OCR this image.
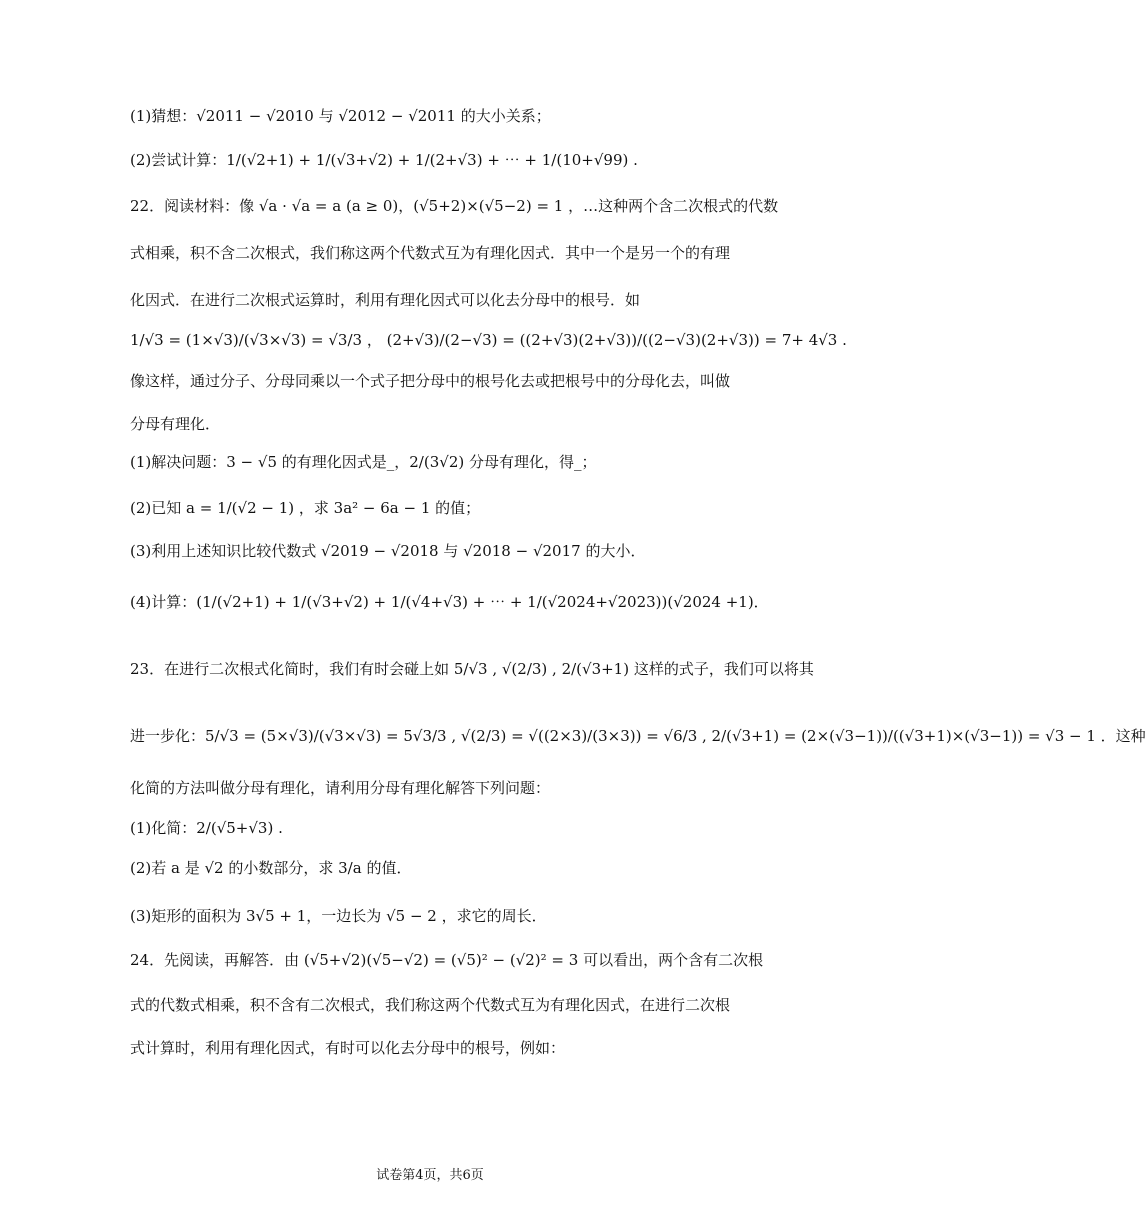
(1)猜想：√2011 − √2010 与 √2012 − √2011 的大小关系；
(2)尝试计算：1/(√2+1) + 1/(√3+√2) + 1/(2+√3) + ⋯ + 1/(10+√99) .
22．阅读材料：像 √a · √a = a (a ≥ 0)，(√5+2)×(√5−2) = 1 ，…这种两个含二次根式的代数
式相乘，积不含二次根式，我们称这两个代数式互为有理化因式．其中一个是另一个的有理
化因式．在进行二次根式运算时，利用有理化因式可以化去分母中的根号．如
1/√3 = (1×√3)/(√3×√3) = √3/3 ， (2+√3)/(2−√3) = ((2+√3)(2+√3))/((2−√3)(2+√3)) = 7+ 4√3 .
像这样，通过分子、分母同乘以一个式子把分母中的根号化去或把根号中的分母化去，叫做
分母有理化．
(1)解决问题：3 − √5 的有理化因式是_，2/(3√2) 分母有理化，得_；
(2)已知 a = 1/(√2 − 1) ，求 3a² − 6a − 1 的值；
(3)利用上述知识比较代数式 √2019 − √2018 与 √2018 − √2017 的大小．
(4)计算：(1/(√2+1) + 1/(√3+√2) + 1/(√4+√3) + ⋯ + 1/(√2024+√2023))(√2024 +1)．
23．在进行二次根式化简时，我们有时会碰上如 5/√3 , √(2/3) , 2/(√3+1) 这样的式子，我们可以将其
进一步化：5/√3 = (5×√3)/(√3×√3) = 5√3/3 , √(2/3) = √((2×3)/(3×3)) = √6/3 , 2/(√3+1) = (2×(√3−1))/((√3+1)×(√3−1)) = √3 − 1 ．这种
化简的方法叫做分母有理化，请利用分母有理化解答下列问题：
(1)化简：2/(√5+√3) .
(2)若 a 是 √2 的小数部分，求 3/a 的值．
(3)矩形的面积为 3√5 + 1，一边长为 √5 − 2 ，求它的周长．
24．先阅读，再解答．由 (√5+√2)(√5−√2) = (√5)² − (√2)² = 3 可以看出，两个含有二次根
式的代数式相乘，积不含有二次根式，我们称这两个代数式互为有理化因式，在进行二次根
式计算时，利用有理化因式，有时可以化去分母中的根号，例如：
试卷第4页，共6页
